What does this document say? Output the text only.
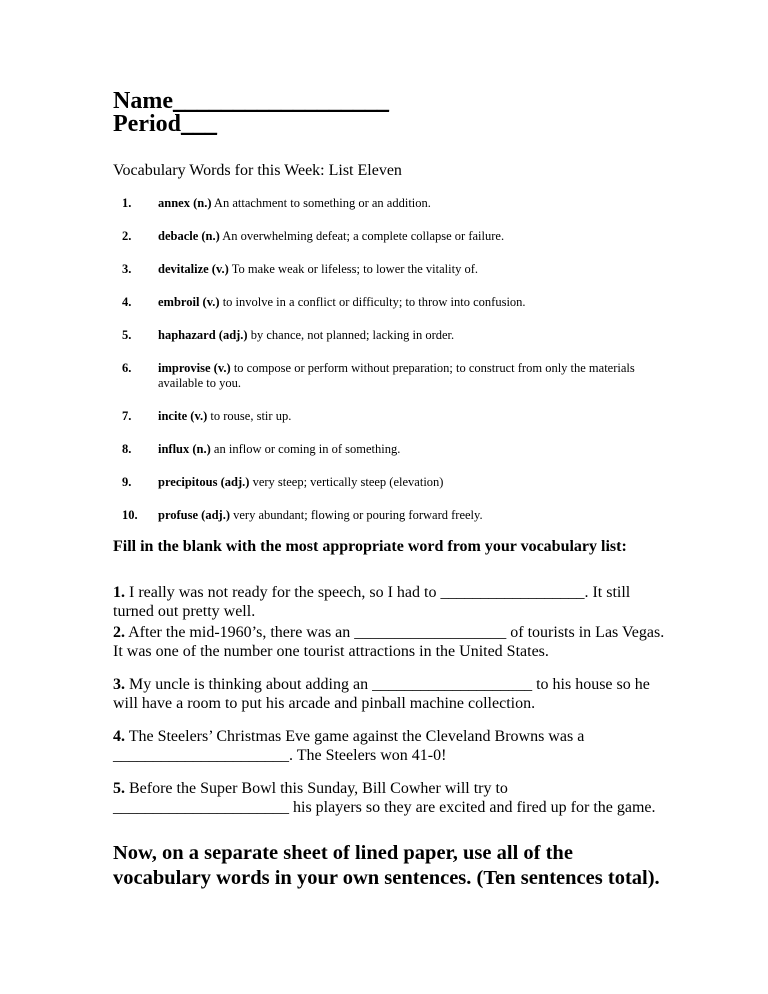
Name__________________
Period___
Vocabulary Words for this Week: List Eleven
1.	annex (n.) An attachment to something or an addition.
2.	debacle (n.) An overwhelming defeat; a complete collapse or failure.
3.	devitalize (v.) To make weak or lifeless; to lower the vitality of.
4.	embroil (v.) to involve in a conflict or difficulty; to throw into confusion.
5.	haphazard (adj.) by chance, not planned; lacking in order.
6.	improvise (v.) to compose or perform without preparation; to construct from only the materials available to you.
7.	incite (v.) to rouse, stir up.
8.	influx (n.) an inflow or coming in of something.
9.	precipitous (adj.) very steep; vertically steep (elevation)
10.	profuse (adj.) very abundant; flowing or pouring forward freely.
Fill in the blank with the most appropriate word from your vocabulary list:
1. I really was not ready for the speech, so I had to __________________. It still turned out pretty well.
2. After the mid-1960’s, there was an ___________________ of tourists in Las Vegas. It was one of the number one tourist attractions in the United States.
3. My uncle is thinking about adding an ____________________ to his house so he will have a room to put his arcade and pinball machine collection.
4. The Steelers’ Christmas Eve game against the Cleveland Browns was a ______________________. The Steelers won 41-0!
5. Before the Super Bowl this Sunday, Bill Cowher will try to ______________________ his players so they are excited and fired up for the game.
Now, on a separate sheet of lined paper, use all of the vocabulary words in your own sentences. (Ten sentences total).
